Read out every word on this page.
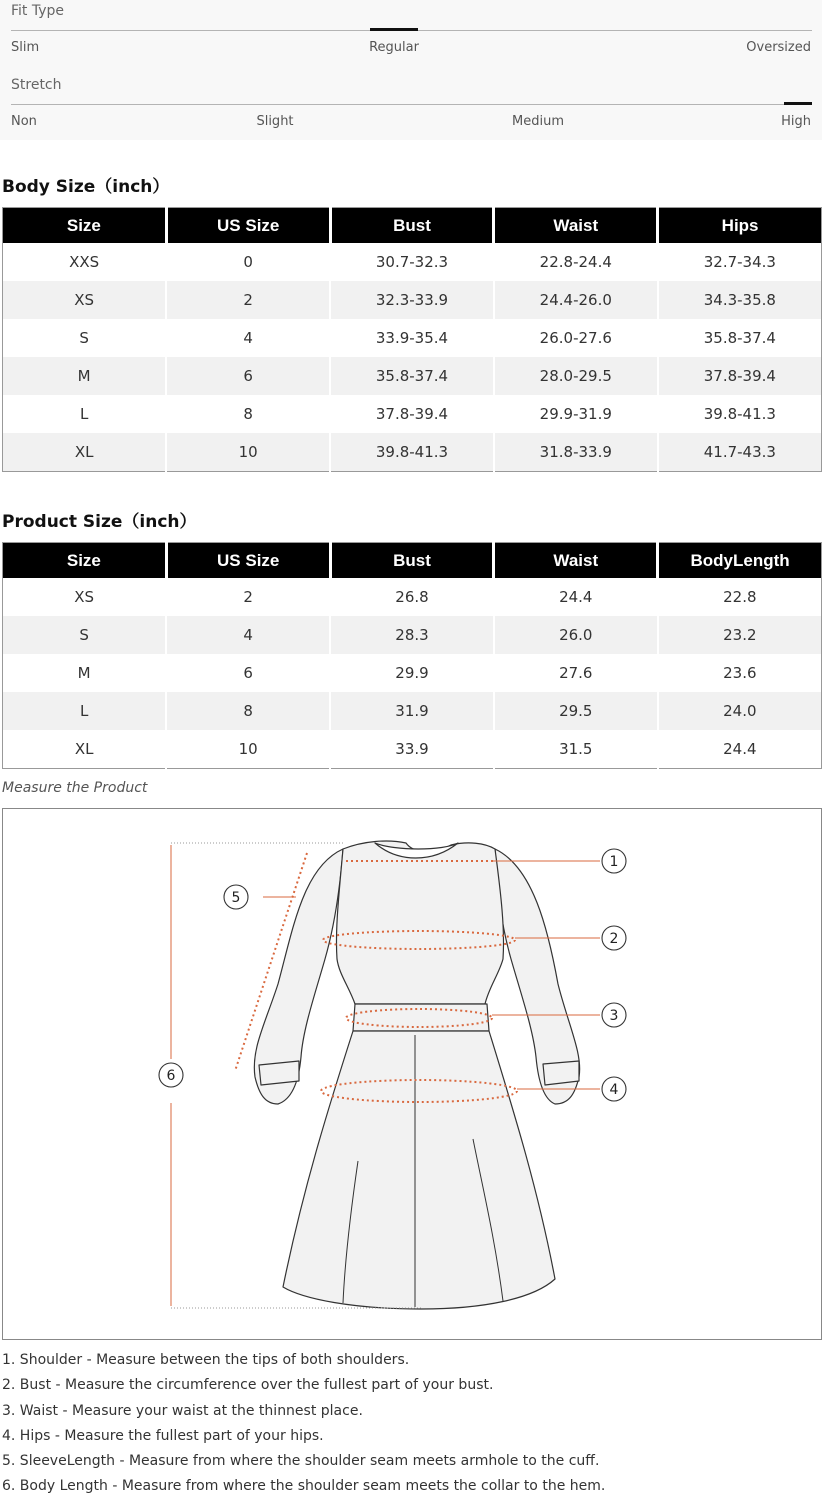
Fit Type
Slim	Regular	Oversized
Stretch
Non	Slight	Medium	High
Body Size（inch）
Size	US Size	Bust	Waist	Hips
XXS	0	30.7-32.3	22.8-24.4	32.7-34.3
XS	2	32.3-33.9	24.4-26.0	34.3-35.8
S	4	33.9-35.4	26.0-27.6	35.8-37.4
M	6	35.8-37.4	28.0-29.5	37.8-39.4
L	8	37.8-39.4	29.9-31.9	39.8-41.3
XL	10	39.8-41.3	31.8-33.9	41.7-43.3
Product Size（inch）
Size	US Size	Bust	Waist	BodyLength
XS	2	26.8	24.4	22.8
S	4	28.3	26.0	23.2
M	6	29.9	27.6	23.6
L	8	31.9	29.5	24.0
XL	10	33.9	31.5	24.4
Measure the Product
1
2
3
4
5
6
1. Shoulder - Measure between the tips of both shoulders.
2. Bust - Measure the circumference over the fullest part of your bust.
3. Waist - Measure your waist at the thinnest place.
4. Hips - Measure the fullest part of your hips.
5. SleeveLength - Measure from where the shoulder seam meets armhole to the cuff.
6. Body Length - Measure from where the shoulder seam meets the collar to the hem.
